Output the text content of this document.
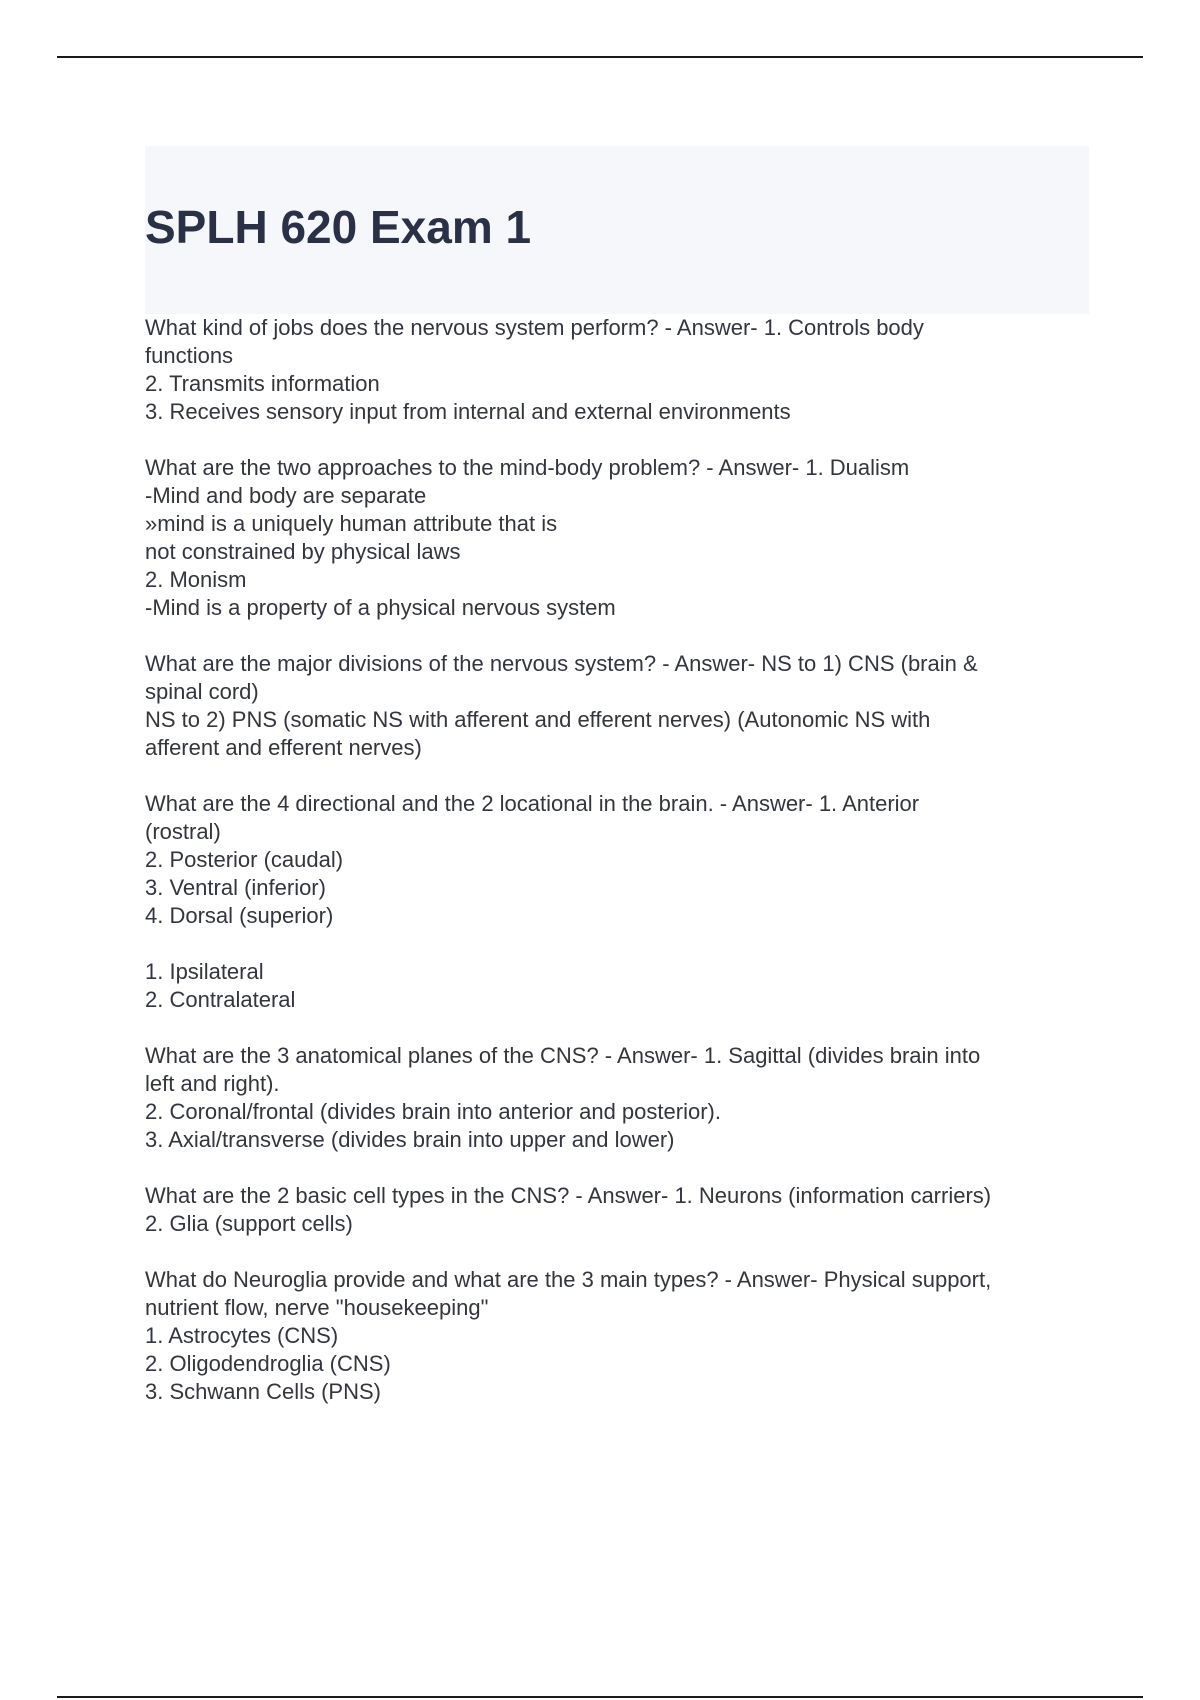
SPLH 620 Exam 1
What kind of jobs does the nervous system perform? - Answer- 1. Controls body
functions
2. Transmits information
3. Receives sensory input from internal and external environments
What are the two approaches to the mind-body problem? - Answer- 1. Dualism
-Mind and body are separate
»mind is a uniquely human attribute that is
not constrained by physical laws
2. Monism
-Mind is a property of a physical nervous system
What are the major divisions of the nervous system? - Answer- NS to 1) CNS (brain &
spinal cord)
NS to 2) PNS (somatic NS with afferent and efferent nerves) (Autonomic NS with
afferent and efferent nerves)
What are the 4 directional and the 2 locational in the brain. - Answer- 1. Anterior
(rostral)
2. Posterior (caudal)
3. Ventral (inferior)
4. Dorsal (superior)
1. Ipsilateral
2. Contralateral
What are the 3 anatomical planes of the CNS? - Answer- 1. Sagittal (divides brain into
left and right).
2. Coronal/frontal (divides brain into anterior and posterior).
3. Axial/transverse (divides brain into upper and lower)
What are the 2 basic cell types in the CNS? - Answer- 1. Neurons (information carriers)
2. Glia (support cells)
What do Neuroglia provide and what are the 3 main types? - Answer- Physical support,
nutrient flow, nerve "housekeeping"
1. Astrocytes (CNS)
2. Oligodendroglia (CNS)
3. Schwann Cells (PNS)
